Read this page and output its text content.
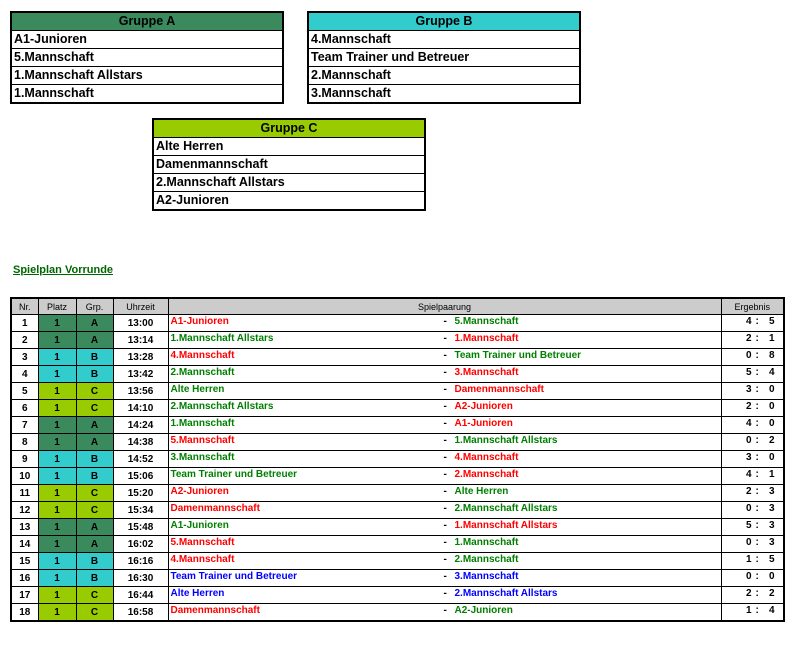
Gruppe A
A1-Junioren
5.Mannschaft
1.Mannschaft Allstars
1.Mannschaft
Gruppe B
4.Mannschaft
Team Trainer und Betreuer
2.Mannschaft
3.Mannschaft
Gruppe C
Alte Herren
Damenmannschaft
2.Mannschaft Allstars
A2-Junioren
Spielplan Vorrunde
Nr.	Platz	Grp.	Uhrzeit	Spielpaarung	Ergebnis
1	1	A	13:00	A1-Junioren - 5.Mannschaft	4 : 5

2	1	A	13:14	1.Mannschaft Allstars - 1.Mannschaft	2 : 1

3	1	B	13:28	4.Mannschaft - Team Trainer und Betreuer	0 : 8

4	1	B	13:42	2.Mannschaft - 3.Mannschaft	5 : 4

5	1	C	13:56	Alte Herren - Damenmannschaft	3 : 0

6	1	C	14:10	2.Mannschaft Allstars - A2-Junioren	2 : 0

7	1	A	14:24	1.Mannschaft - A1-Junioren	4 : 0

8	1	A	14:38	5.Mannschaft - 1.Mannschaft Allstars	0 : 2

9	1	B	14:52	3.Mannschaft - 4.Mannschaft	3 : 0

10	1	B	15:06	Team Trainer und Betreuer - 2.Mannschaft	4 : 1

11	1	C	15:20	A2-Junioren - Alte Herren	2 : 3

12	1	C	15:34	Damenmannschaft - 2.Mannschaft Allstars	0 : 3

13	1	A	15:48	A1-Junioren - 1.Mannschaft Allstars	5 : 3

14	1	A	16:02	5.Mannschaft - 1.Mannschaft	0 : 3

15	1	B	16:16	4.Mannschaft - 2.Mannschaft	1 : 5

16	1	B	16:30	Team Trainer und Betreuer - 3.Mannschaft	0 : 0

17	1	C	16:44	Alte Herren - 2.Mannschaft Allstars	2 : 2

18	1	C	16:58	Damenmannschaft - A2-Junioren	1 : 4
